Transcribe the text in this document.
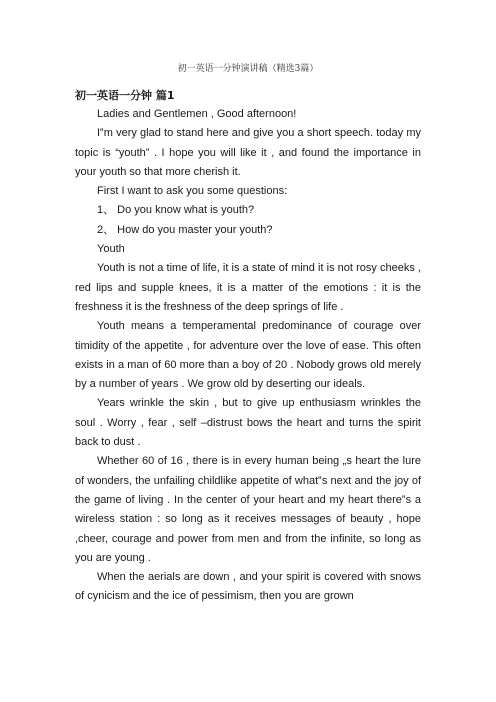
初一英语一分钟演讲稿（精选3篇）
初一英语一分钟 篇1

Ladies and Gentlemen , Good afternoon!

I‟m very glad to stand here and give you a short speech. today my topic is “youth” . I hope you will like it , and found the importance in your youth so that more cherish it.

First I want to ask you some questions:

1、 Do you know what is youth?

2、 How do you master your youth?

Youth

Youth is not a time of life, it is a state of mind it is not rosy cheeks , red lips and supple knees, it is a matter of the emotions : it is the freshness it is the freshness of the deep springs of life .

Youth means a temperamental predominance of courage over timidity of the appetite , for adventure over the love of ease. This often exists in a man of 60 more than a boy of 20 . Nobody grows old merely by a number of years . We grow old by deserting our ideals.

Years wrinkle the skin , but to give up enthusiasm wrinkles the soul . Worry , fear , self –distrust bows the heart and turns the spirit back to dust .

Whether 60 of 16 , there is in every human being „s heart the lure of wonders, the unfailing childlike appetite of what‟s next and the joy of the game of living . In the center of your heart and my heart there‟s a wireless station : so long as it receives messages of beauty , hope ,cheer, courage and power from men and from the infinite, so long as you are young .

When the aerials are down , and your spirit is covered with snows of cynicism and the ice of pessimism, then you are grown
